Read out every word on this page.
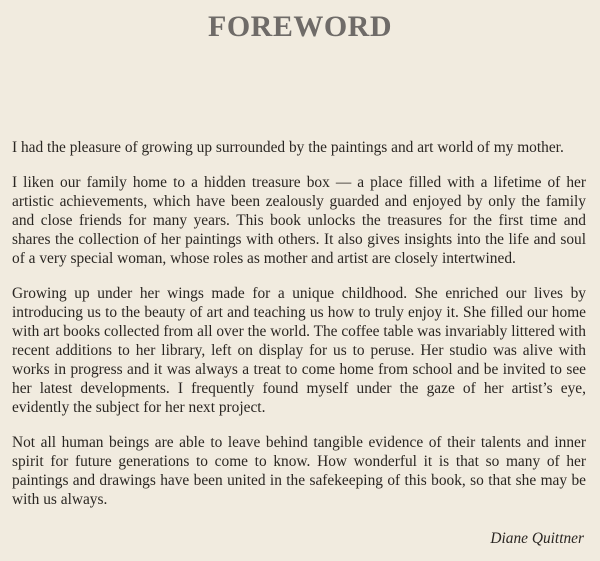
FOREWORD

I had the pleasure of growing up surrounded by the paintings and art world of my mother.

I liken our family home to a hidden treasure box — a place filled with a lifetime of her artistic achievements, which have been zealously guarded and enjoyed by only the family and close friends for many years. This book unlocks the treasures for the first time and shares the collection of her paintings with others. It also gives insights into the life and soul of a very special woman, whose roles as mother and artist are closely intertwined.

Growing up under her wings made for a unique childhood. She enriched our lives by introducing us to the beauty of art and teaching us how to truly enjoy it. She filled our home with art books collected from all over the world. The coffee table was invariably littered with recent additions to her library, left on display for us to peruse. Her studio was alive with works in progress and it was always a treat to come home from school and be invited to see her latest developments. I frequently found myself under the gaze of her artist’s eye, evidently the subject for her next project.

Not all human beings are able to leave behind tangible evidence of their talents and inner spirit for future generations to come to know. How wonderful it is that so many of her paintings and drawings have been united in the safekeeping of this book, so that she may be with us always.

Diane Quittner
